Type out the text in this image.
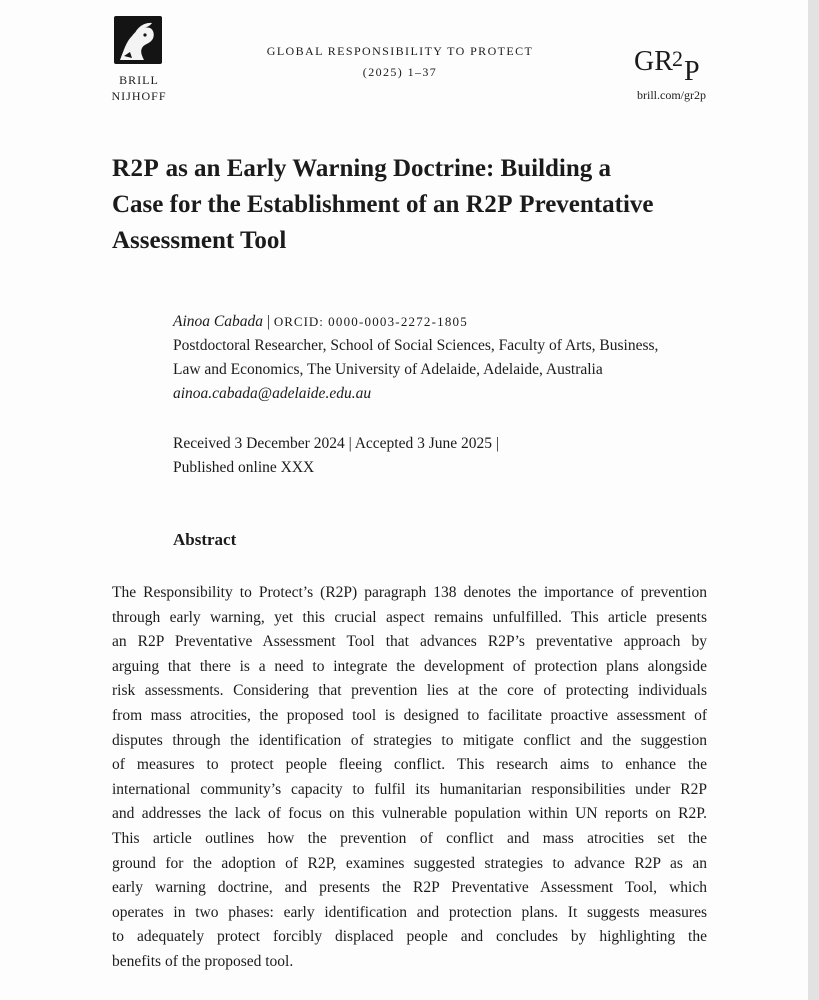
BRILL
NIJHOFF
GLOBAL RESPONSIBILITY TO PROTECT
(2025) 1–37	GR 2 P
brill.com/gr2p
R2P as an Early Warning Doctrine: Building a
Case for the Establishment of an R2P Preventative
Assessment Tool
Ainoa Cabada | ORCID: 0000-0003-2272-1805
Postdoctoral Researcher, School of Social Sciences, Faculty of Arts, Business,
Law and Economics, The University of Adelaide, Adelaide, Australia
ainoa.cabada@adelaide.edu.au
Received 3 December 2024 | Accepted 3 June 2025 |
Published online XXX
Abstract
The Responsibility to Protect’s (R2P) paragraph 138 denotes the importance of prevention
through early warning, yet this crucial aspect remains unfulfilled. This article presents
an R2P Preventative Assessment Tool that advances R2P’s preventative approach by
arguing that there is a need to integrate the development of protection plans alongside
risk assessments. Considering that prevention lies at the core of protecting individuals
from mass atrocities, the proposed tool is designed to facilitate proactive assessment of
disputes through the identification of strategies to mitigate conflict and the suggestion
of measures to protect people fleeing conflict. This research aims to enhance the
international community’s capacity to fulfil its humanitarian responsibilities under R2P
and addresses the lack of focus on this vulnerable population within UN reports on R2P.
This article outlines how the prevention of conflict and mass atrocities set the
ground for the adoption of R2P, examines suggested strategies to advance R2P as an
early warning doctrine, and presents the R2P Preventative Assessment Tool, which
operates in two phases: early identification and protection plans. It suggests measures
to adequately protect forcibly displaced people and concludes by highlighting the
benefits of the proposed tool.
